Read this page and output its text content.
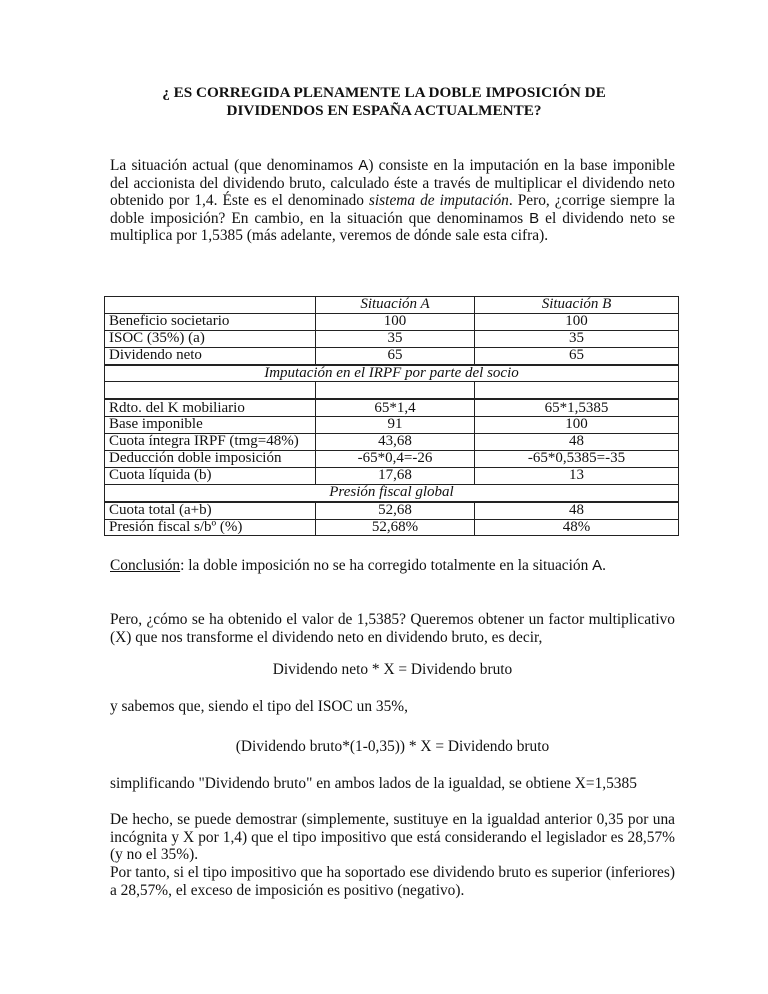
¿ ES CORREGIDA PLENAMENTE LA DOBLE IMPOSICIÓN DE
DIVIDENDOS EN ESPAÑA ACTUALMENTE?

La situación actual (que denominamos A) consiste en la imputación en la base imponible del accionista del dividendo bruto, calculado éste a través de multiplicar el dividendo neto obtenido por 1,4. Éste es el denominado sistema de imputación. Pero, ¿corrige siempre la doble imposición? En cambio, en la situación que denominamos B el dividendo neto se multiplica por 1,5385 (más adelante, veremos de dónde sale esta cifra).

	Situación A	Situación B
Beneficio societario	100	100
ISOC (35%) (a)	35	35
Dividendo neto	65	65
Imputación en el IRPF por parte del socio		

Rdto. del K mobiliario	65*1,4	65*1,5385
Base imponible	91	100
Cuota íntegra IRPF (tmg=48%)	43,68	48
Deducción doble imposición	-65*0,4=-26	-65*0,5385=-35
Cuota líquida (b)	17,68	13
Presión fiscal global		
Cuota total (a+b)	52,68	48
Presión fiscal s/bº (%)	52,68%	48%

Conclusión: la doble imposición no se ha corregido totalmente en la situación A.

Pero, ¿cómo se ha obtenido el valor de 1,5385? Queremos obtener un factor multiplicativo (X) que nos transforme el dividendo neto en dividendo bruto, es decir,

Dividendo neto * X = Dividendo bruto

y sabemos que, siendo el tipo del ISOC un 35%,

(Dividendo bruto*(1-0,35)) * X = Dividendo bruto

simplificando "Dividendo bruto" en ambos lados de la igualdad, se obtiene X=1,5385

De hecho, se puede demostrar (simplemente, sustituye en la igualdad anterior 0,35 por una incógnita y X por 1,4) que el tipo impositivo que está considerando el legislador es 28,57% (y no el 35%).

Por tanto, si el tipo impositivo que ha soportado ese dividendo bruto es superior (inferiores) a 28,57%, el exceso de imposición es positivo (negativo).
